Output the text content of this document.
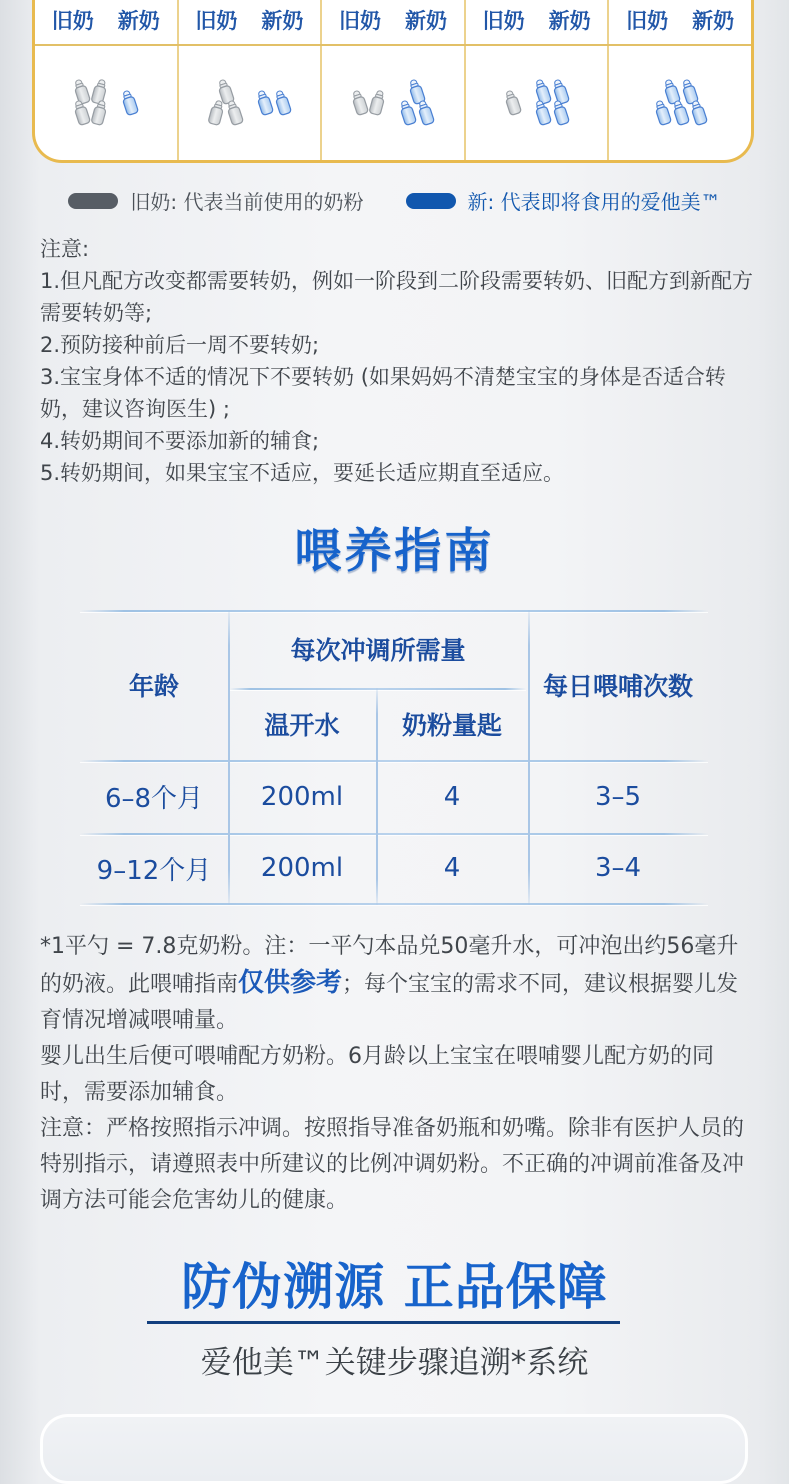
旧奶 新奶 旧奶 新奶 旧奶 新奶 旧奶 新奶 旧奶 新奶
旧奶: 代表当前使用的奶粉	新: 代表即将食用的爱他美™

注意:

1.但凡配方改变都需要转奶，例如一阶段到二阶段需要转奶、旧配方到新配方需要转奶等;

2.预防接种前后一周不要转奶;

3.宝宝身体不适的情况下不要转奶 (如果妈妈不清楚宝宝的身体是否适合转奶，建议咨询医生) ;

4.转奶期间不要添加新的辅食;

5.转奶期间，如果宝宝不适应，要延长适应期直至适应。

喂养指南
年龄
每次冲调所需量
温开水	奶粉量匙
每日喂哺次数
6–8个月	200ml	4	3–5
9–12个月	200ml	4	3–4

*1平勺 = 7.8克奶粉。注：一平勺本品兑50毫升水，可冲泡出约56毫升的奶液。此喂哺指南仅供参考；每个宝宝的需求不同，建议根据婴儿发育情况增减喂哺量。

婴儿出生后便可喂哺配方奶粉。6月龄以上宝宝在喂哺婴儿配方奶的同时，需要添加辅食。

注意：严格按照指示冲调。按照指导准备奶瓶和奶嘴。除非有医护人员的特别指示，请遵照表中所建议的比例冲调奶粉。不正确的冲调前准备及冲调方法可能会危害幼儿的健康。

防伪溯源 正品保障
爱他美™关键步骤追溯*系统
